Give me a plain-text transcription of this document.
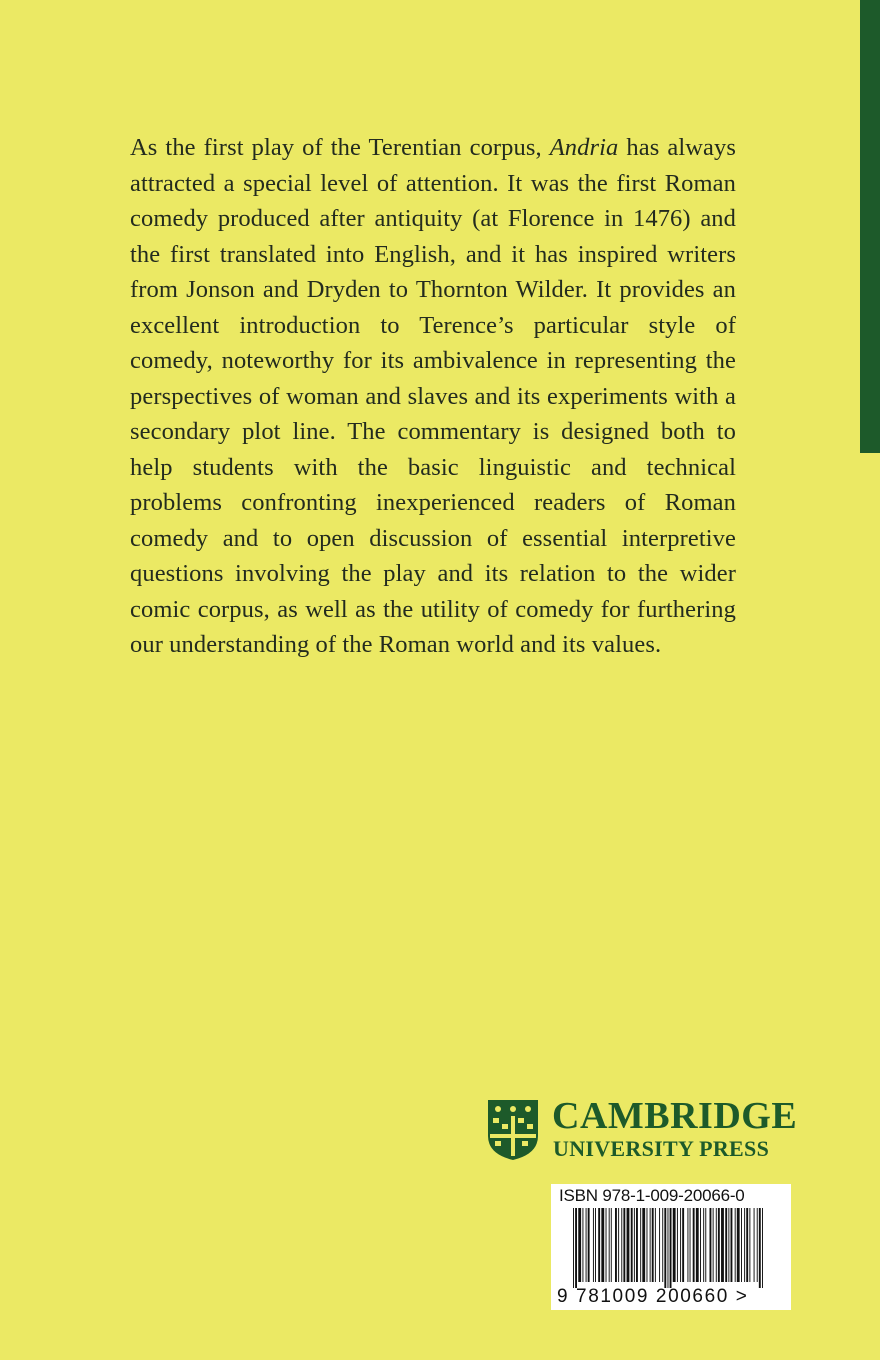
As the first play of the Terentian corpus, Andria has always attracted a special level of attention. It was the first Roman comedy produced after antiquity (at Florence in 1476) and the first translated into English, and it has inspired writers from Jonson and Dryden to Thornton Wilder. It provides an excellent introduction to Terence’s particular style of comedy, noteworthy for its ambivalence in representing the perspectives of woman and slaves and its experiments with a secondary plot line. The commentary is designed both to help students with the basic linguistic and technical problems confronting inexperienced readers of Roman comedy and to open discussion of essential interpretive questions involving the play and its relation to the wider comic corpus, as well as the utility of comedy for furthering our understanding of the Roman world and its values.
CAMBRIDGE
UNIVERSITY PRESS
ISBN 978-1-009-20066-0
9 781009 200660 >
